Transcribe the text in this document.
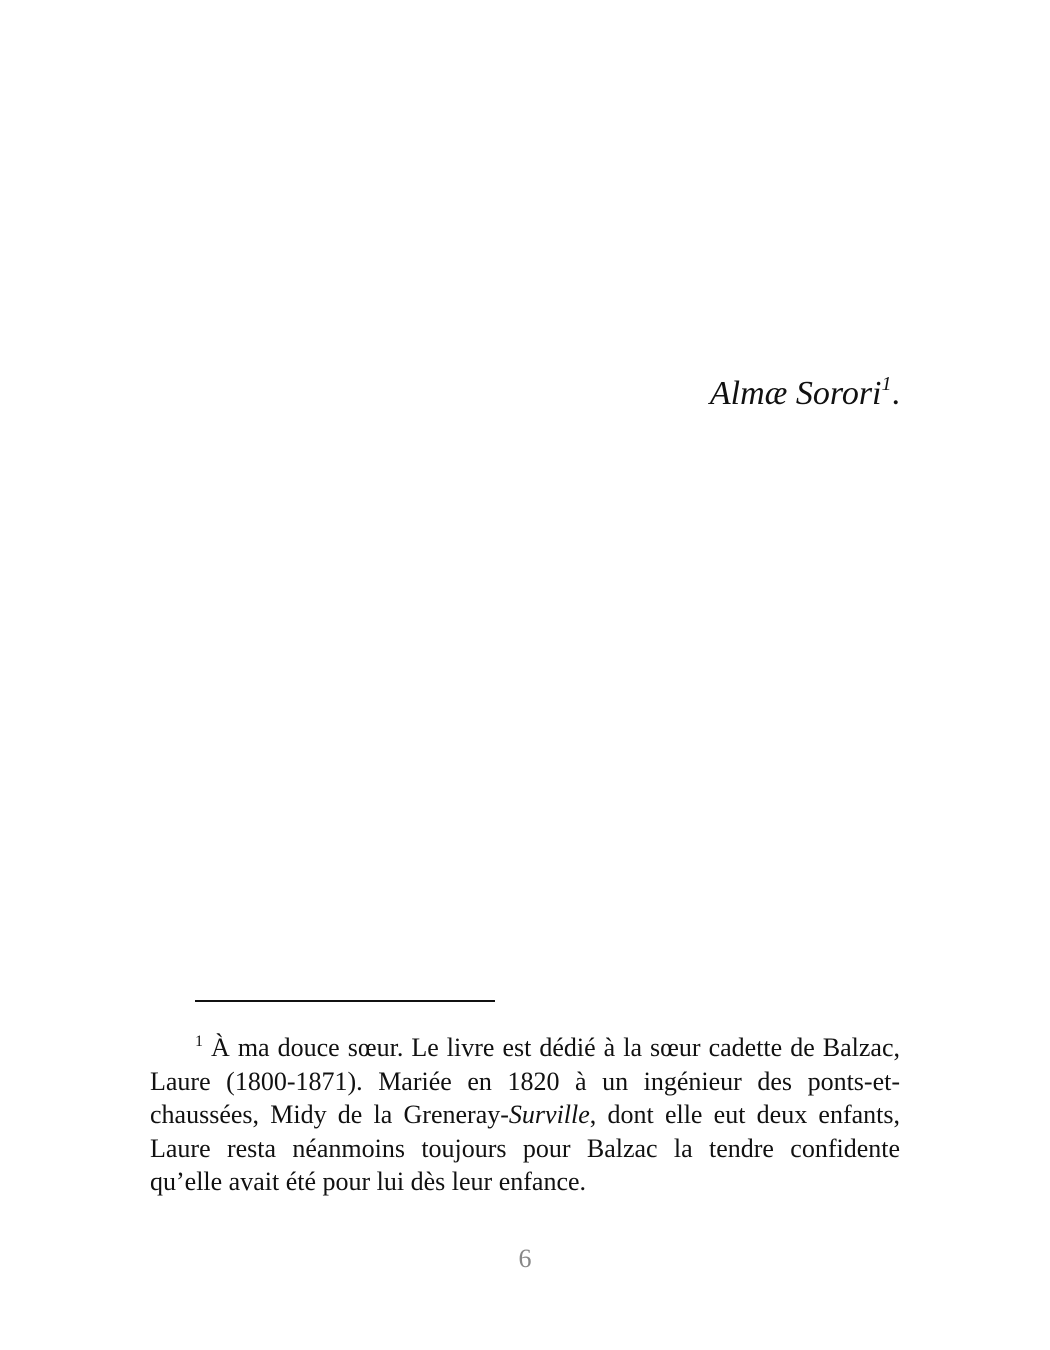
Almæ Sorori$^1$.

$^1$ À ma douce sœur. Le livre est dédié à la sœur cadette de Balzac, Laure (1800-1871). Mariée en 1820 à un ingénieur des ponts-et-chaussées, Midy de la Greneray-Surville, dont elle eut deux enfants, Laure resta néanmoins toujours pour Balzac la tendre confidente qu’elle avait été pour lui dès leur enfance.

6
